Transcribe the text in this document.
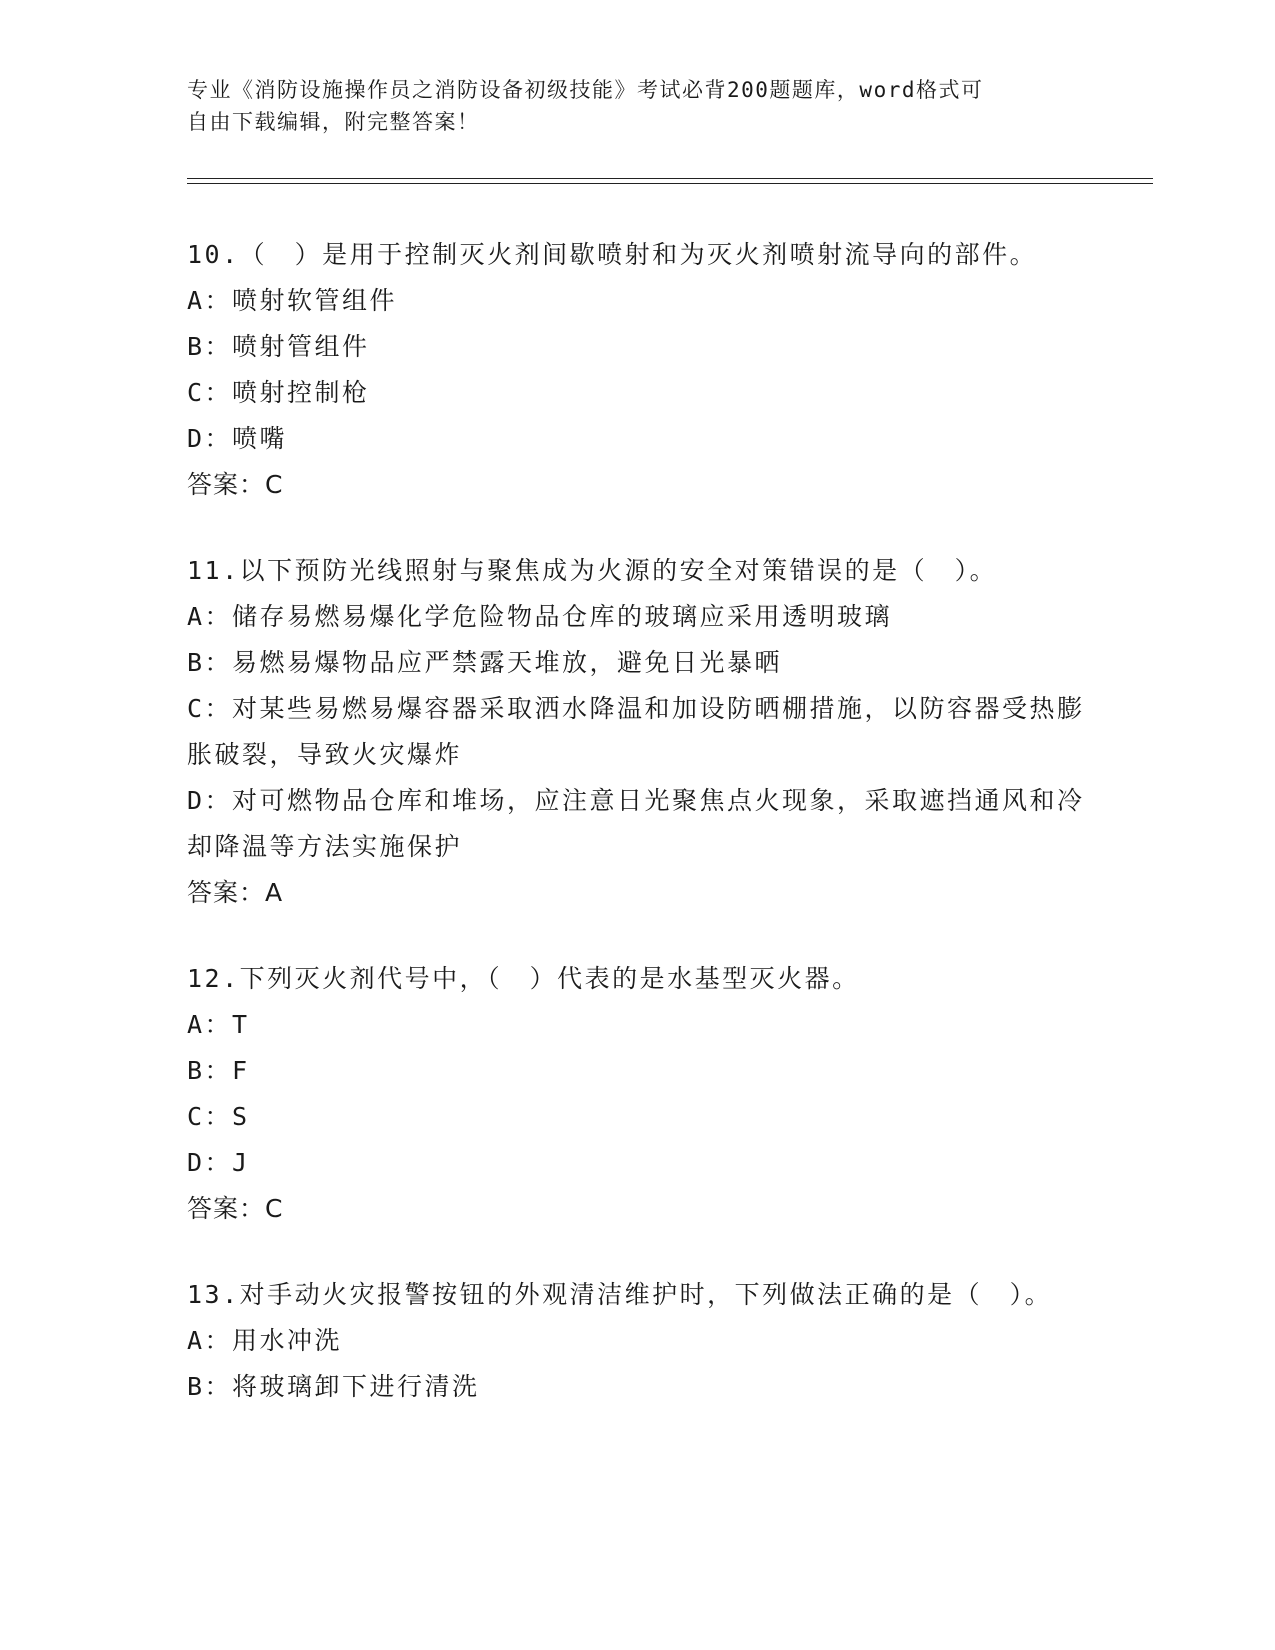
专业《消防设施操作员之消防设备初级技能》考试必背200题题库，word格式可
自由下载编辑，附完整答案！
10.（　）是用于控制灭火剂间歇喷射和为灭火剂喷射流导向的部件。
A：喷射软管组件
B：喷射管组件
C：喷射控制枪
D：喷嘴
答案：C
11.以下预防光线照射与聚焦成为火源的安全对策错误的是（　）。
A：储存易燃易爆化学危险物品仓库的玻璃应采用透明玻璃
B：易燃易爆物品应严禁露天堆放，避免日光暴晒
C：对某些易燃易爆容器采取洒水降温和加设防晒棚措施，以防容器受热膨胀破裂，导致火灾爆炸
D：对可燃物品仓库和堆场，应注意日光聚焦点火现象，采取遮挡通风和冷却降温等方法实施保护
答案：A
12.下列灭火剂代号中，（　）代表的是水基型灭火器。
A：T
B：F
C：S
D：J
答案：C
13.对手动火灾报警按钮的外观清洁维护时，下列做法正确的是（　）。
A：用水冲洗
B：将玻璃卸下进行清洗
